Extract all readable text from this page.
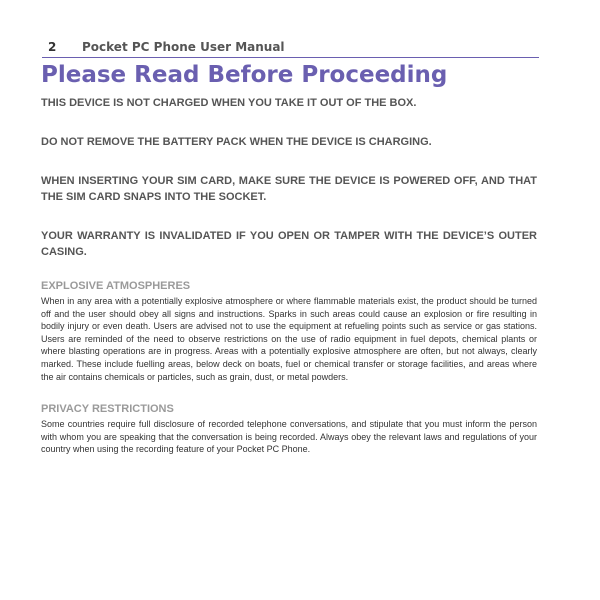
2 Pocket PC Phone User Manual
Please Read Before Proceeding

THIS DEVICE IS NOT CHARGED WHEN YOU TAKE IT OUT OF THE BOX.

DO NOT REMOVE THE BATTERY PACK WHEN THE DEVICE IS CHARGING.

WHEN INSERTING YOUR SIM CARD, MAKE SURE THE DEVICE IS POWERED OFF, AND THAT THE SIM CARD SNAPS INTO THE SOCKET.

YOUR WARRANTY IS INVALIDATED IF YOU OPEN OR TAMPER WITH THE DEVICE’S OUTER CASING.

EXPLOSIVE ATMOSPHERES

When in any area with a potentially explosive atmosphere or where flammable materials exist, the product should be turned off and the user should obey all signs and instructions. Sparks in such areas could cause an explosion or fire resulting in bodily injury or even death. Users are advised not to use the equipment at refueling points such as service or gas stations. Users are reminded of the need to observe restrictions on the use of radio equipment in fuel depots, chemical plants or where blasting operations are in progress. Areas with a potentially explosive atmosphere are often, but not always, clearly marked. These include fuelling areas, below deck on boats, fuel or chemical transfer or storage facilities, and areas where the air contains chemicals or particles, such as grain, dust, or metal powders.

PRIVACY RESTRICTIONS

Some countries require full disclosure of recorded telephone conversations, and stipulate that you must inform the person with whom you are speaking that the conversation is being recorded. Always obey the relevant laws and regulations of your country when using the recording feature of your Pocket PC Phone.
